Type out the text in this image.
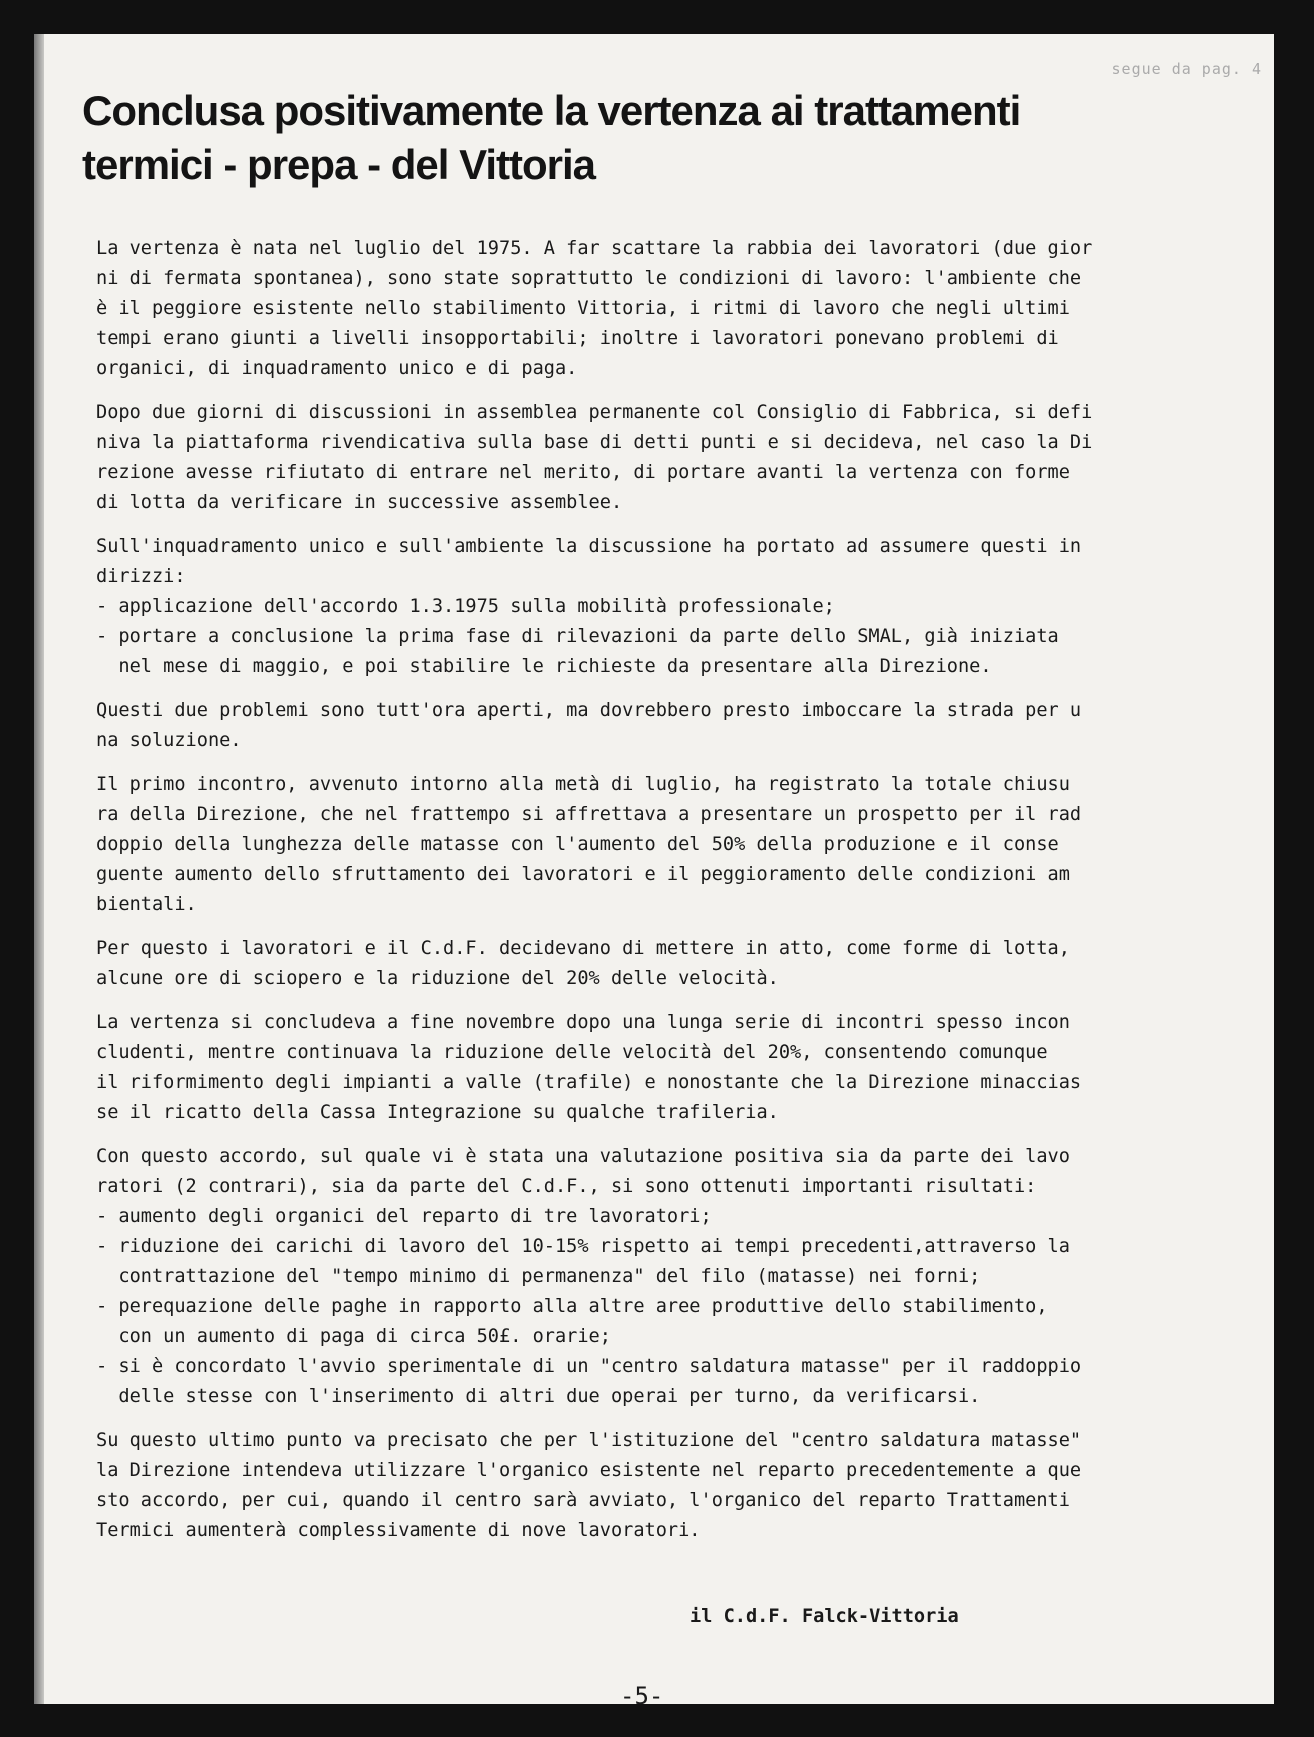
segue da pag. 4
Conclusa positivamente la vertenza ai trattamenti
termici - prepa - del Vittoria

La vertenza è nata nel luglio del 1975. A far scattare la rabbia dei lavoratori (due gior
ni di fermata spontanea), sono state soprattutto le condizioni di lavoro: l'ambiente che
è il peggiore esistente nello stabilimento Vittoria, i ritmi di lavoro che negli ultimi
tempi erano giunti a livelli insopportabili; inoltre i lavoratori ponevano problemi di
organici, di inquadramento unico e di paga.

Dopo due giorni di discussioni in assemblea permanente col Consiglio di Fabbrica, si defi
niva la piattaforma rivendicativa sulla base di detti punti e si decideva, nel caso la Di
rezione avesse rifiutato di entrare nel merito, di portare avanti la vertenza con forme
di lotta da verificare in successive assemblee.

Sull'inquadramento unico e sull'ambiente la discussione ha portato ad assumere questi in
dirizzi:
- applicazione dell'accordo 1.3.1975 sulla mobilità professionale;
- portare a conclusione la prima fase di rilevazioni da parte dello SMAL, già iniziata
nel mese di maggio, e poi stabilire le richieste da presentare alla Direzione.

Questi due problemi sono tutt'ora aperti, ma dovrebbero presto imboccare la strada per u
na soluzione.

Il primo incontro, avvenuto intorno alla metà di luglio, ha registrato la totale chiusu
ra della Direzione, che nel frattempo si affrettava a presentare un prospetto per il rad
doppio della lunghezza delle matasse con l'aumento del 50% della produzione e il conse
guente aumento dello sfruttamento dei lavoratori e il peggioramento delle condizioni am
bientali.

Per questo i lavoratori e il C.d.F. decidevano di mettere in atto, come forme di lotta,
alcune ore di sciopero e la riduzione del 20% delle velocità.

La vertenza si concludeva a fine novembre dopo una lunga serie di incontri spesso incon
cludenti, mentre continuava la riduzione delle velocità del 20%, consentendo comunque
il riformimento degli impianti a valle (trafile) e nonostante che la Direzione minaccias
se il ricatto della Cassa Integrazione su qualche trafileria.

Con questo accordo, sul quale vi è stata una valutazione positiva sia da parte dei lavo
ratori (2 contrari), sia da parte del C.d.F., si sono ottenuti importanti risultati:
- aumento degli organici del reparto di tre lavoratori;
- riduzione dei carichi di lavoro del 10-15% rispetto ai tempi precedenti,attraverso la
contrattazione del "tempo minimo di permanenza" del filo (matasse) nei forni;
- perequazione delle paghe in rapporto alla altre aree produttive dello stabilimento,
con un aumento di paga di circa 50£. orarie;
- si è concordato l'avvio sperimentale di un "centro saldatura matasse" per il raddoppio
delle stesse con l'inserimento di altri due operai per turno, da verificarsi.

Su questo ultimo punto va precisato che per l'istituzione del "centro saldatura matasse"
la Direzione intendeva utilizzare l'organico esistente nel reparto precedentemente a que
sto accordo, per cui, quando il centro sarà avviato, l'organico del reparto Trattamenti
Termici aumenterà complessivamente di nove lavoratori.

il C.d.F. Falck-Vittoria
-5-
